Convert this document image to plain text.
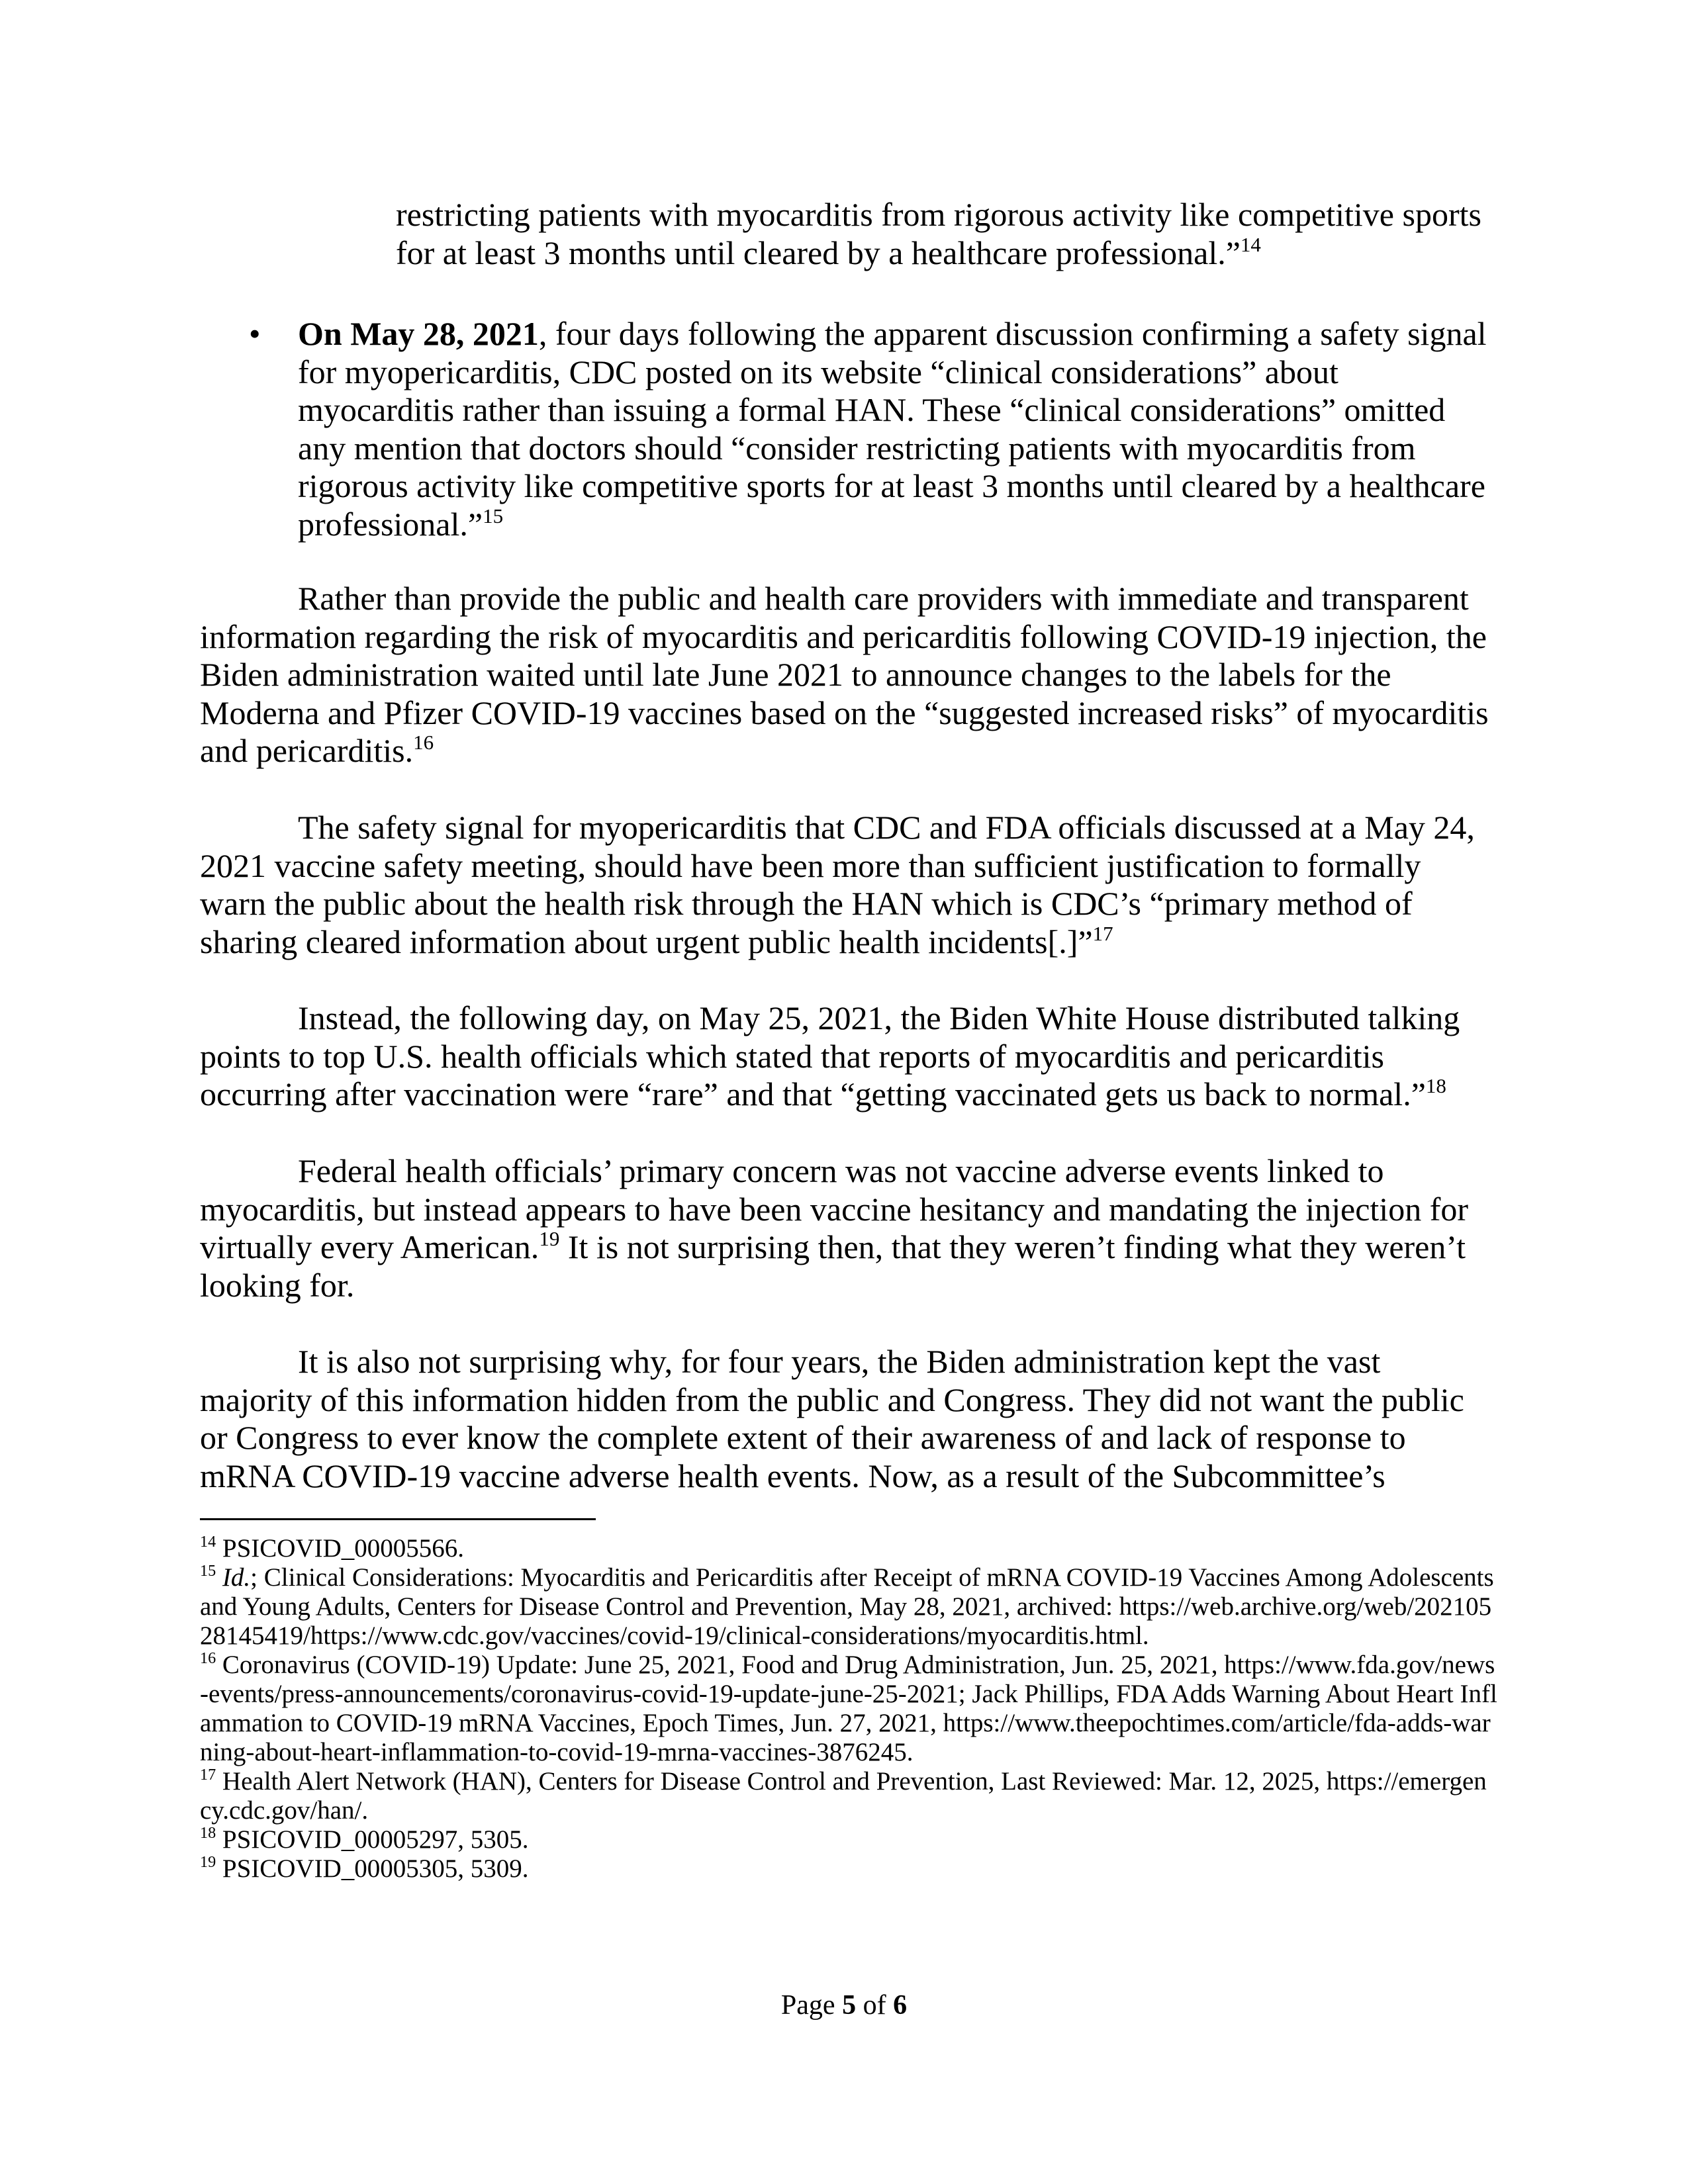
restricting patients with myocarditis from rigorous activity like competitive sports for at least 3 months until cleared by a healthcare professional.”$^{14}$

• On May 28, 2021, four days following the apparent discussion confirming a safety signal for myopericarditis, CDC posted on its website “clinical considerations” about myocarditis rather than issuing a formal HAN. These “clinical considerations” omitted any mention that doctors should “consider restricting patients with myocarditis from rigorous activity like competitive sports for at least 3 months until cleared by a healthcare professional.”$^{15}$

Rather than provide the public and health care providers with immediate and transparent information regarding the risk of myocarditis and pericarditis following COVID-19 injection, the Biden administration waited until late June 2021 to announce changes to the labels for the Moderna and Pfizer COVID-19 vaccines based on the “suggested increased risks” of myocarditis and pericarditis.$^{16}$

The safety signal for myopericarditis that CDC and FDA officials discussed at a May 24, 2021 vaccine safety meeting, should have been more than sufficient justification to formally warn the public about the health risk through the HAN which is CDC’s “primary method of sharing cleared information about urgent public health incidents[.]”$^{17}$

Instead, the following day, on May 25, 2021, the Biden White House distributed talking points to top U.S. health officials which stated that reports of myocarditis and pericarditis occurring after vaccination were “rare” and that “getting vaccinated gets us back to normal.”$^{18}$

Federal health officials’ primary concern was not vaccine adverse events linked to myocarditis, but instead appears to have been vaccine hesitancy and mandating the injection for virtually every American.$^{19}$ It is not surprising then, that they weren’t finding what they weren’t looking for.

It is also not surprising why, for four years, the Biden administration kept the vast majority of this information hidden from the public and Congress. They did not want the public or Congress to ever know the complete extent of their awareness of and lack of response to mRNA COVID-19 vaccine adverse health events. Now, as a result of the Subcommittee’s

$^{14}$ PSICOVID_00005566.

$^{15}$ Id.; Clinical Considerations: Myocarditis and Pericarditis after Receipt of mRNA COVID-19 Vaccines Among Adolescents and Young Adults, Centers for Disease Control and Prevention, May 28, 2021, archived: https://web.archive.org/web/20210528145419/https://www.cdc.gov/vaccines/covid-19/clinical-considerations/myocarditis.html.

$^{16}$ Coronavirus (COVID-19) Update: June 25, 2021, Food and Drug Administration, Jun. 25, 2021, https://www.fda.gov/news-events/press-announcements/coronavirus-covid-19-update-june-25-2021; Jack Phillips, FDA Adds Warning About Heart Inflammation to COVID-19 mRNA Vaccines, Epoch Times, Jun. 27, 2021, https://www.theepochtimes.com/article/fda-adds-warning-about-heart-inflammation-to-covid-19-mrna-vaccines-3876245.

$^{17}$ Health Alert Network (HAN), Centers for Disease Control and Prevention, Last Reviewed: Mar. 12, 2025, https://emergency.cdc.gov/han/.

$^{18}$ PSICOVID_00005297, 5305.

$^{19}$ PSICOVID_00005305, 5309.

Page 5 of 6
